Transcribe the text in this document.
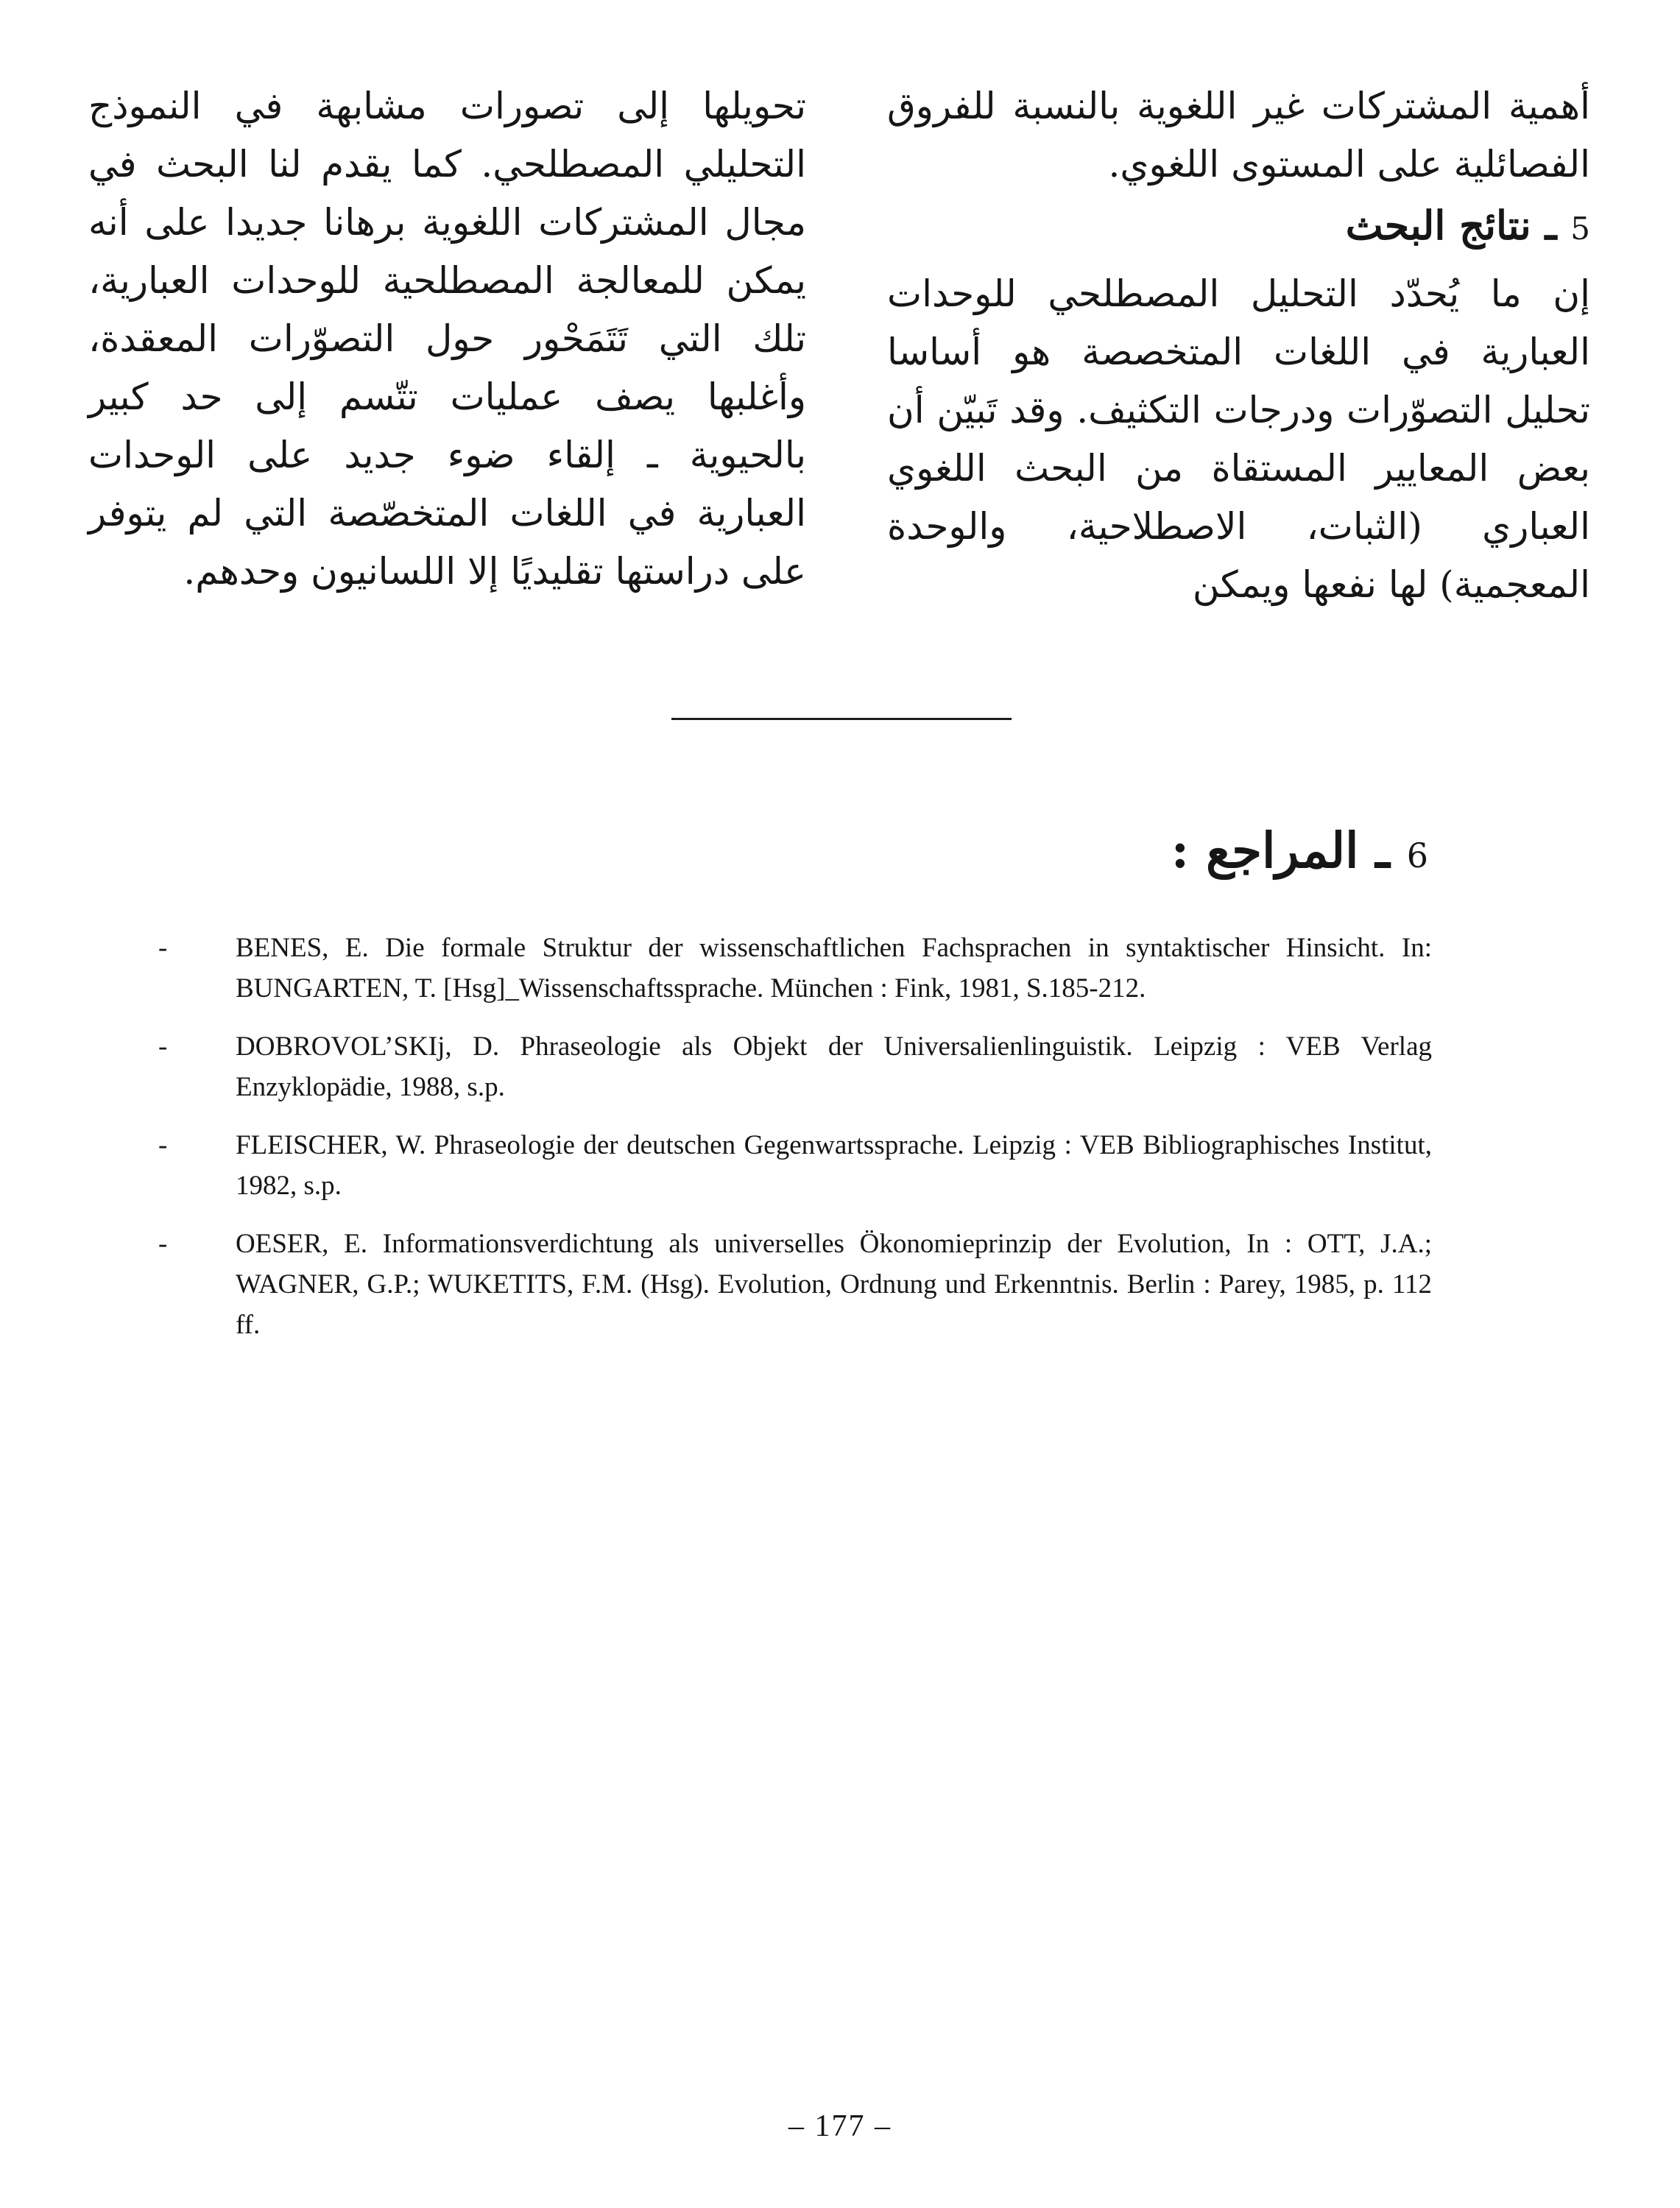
أهمية المشتركات غير اللغوية بالنسبة للفروق الفصائلية على المستوى اللغوي.

5 ـ نتائج البحث

إن ما يُحدّد التحليل المصطلحي للوحدات العبارية في اللغات المتخصصة هو أساسا تحليل التصوّرات ودرجات التكثيف. وقد تَبيّن أن بعض المعايير المستقاة من البحث اللغوي العباري (الثبات، الاصطلاحية، والوحدة المعجمية) لها نفعها ويمكن

تحويلها إلى تصورات مشابهة في النموذج التحليلي المصطلحي. كما يقدم لنا البحث في مجال المشتركات اللغوية برهانا جديدا على أنه يمكن للمعالجة المصطلحية للوحدات العبارية، تلك التي تَتَمَحْور حول التصوّرات المعقدة، وأغلبها يصف عمليات تتّسم إلى حد كبير بالحيوية ـ إلقاء ضوء جديد على الوحدات العبارية في اللغات المتخصّصة التي لم يتوفر على دراستها تقليديًا إلا اللسانيون وحدهم.

6 ـ المراجع :
-	BENES, E. Die formale Struktur der wissenschaftlichen Fachsprachen in syntaktischer Hinsicht. In: BUNGARTEN, T. [Hsg]_Wissenschaftssprache. München : Fink, 1981, S.185-212.
-	DOBROVOL’SKIj, D. Phraseologie als Objekt der Universalienlinguistik. Leipzig : VEB Verlag Enzyklopädie, 1988, s.p.
-	FLEISCHER, W. Phraseologie der deutschen Gegenwartssprache. Leipzig : VEB Bibliographisches Institut, 1982, s.p.
-	OESER, E. Informationsverdichtung als universelles Ökonomieprinzip der Evolution, In : OTT, J.A.; WAGNER, G.P.; WUKETITS, F.M. (Hsg). Evolution, Ordnung und Erkenntnis. Berlin : Parey, 1985, p. 112 ff.
– 177 –
